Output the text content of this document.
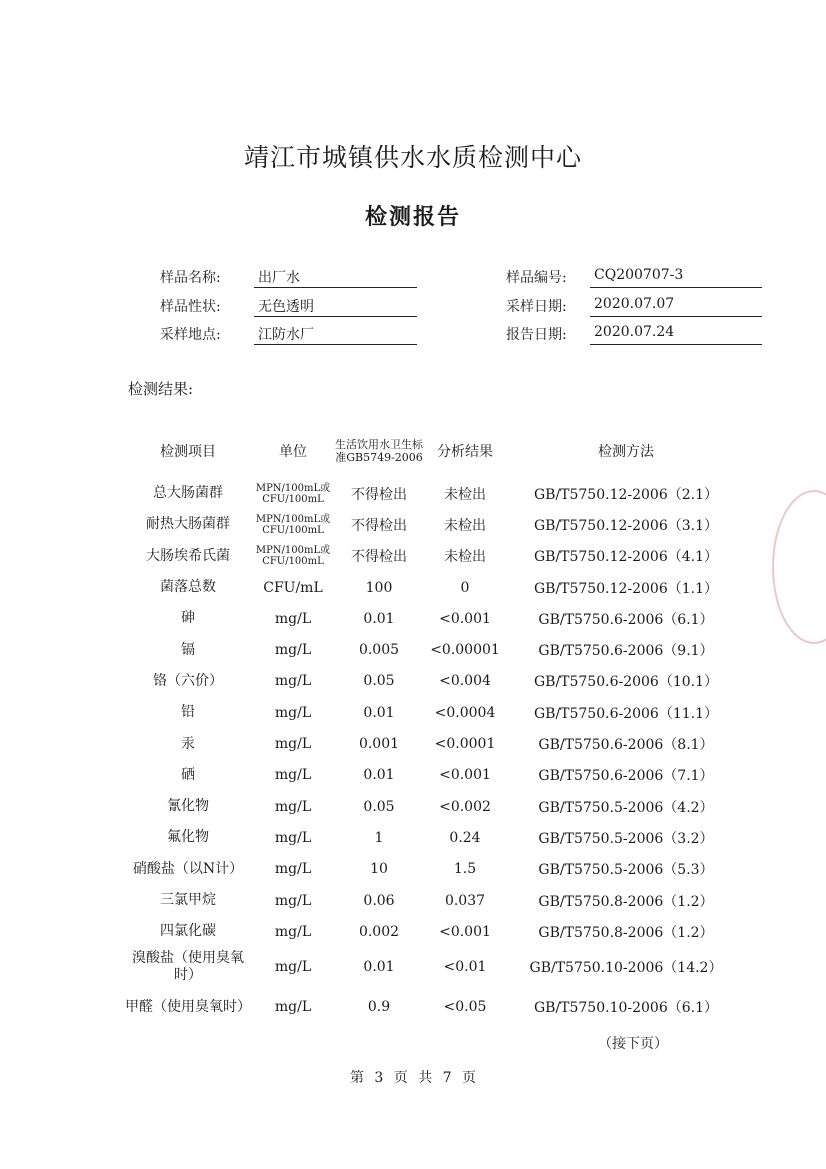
靖江市城镇供水水质检测中心
检测报告
样品名称:	出厂水
样品性状:	无色透明
采样地点:	江防水厂
样品编号:	CQ200707-3
采样日期:	2020.07.07
报告日期:	2020.07.24
检测结果:
检测项目	单位	生活饮用水卫生标准GB5749-2006	分析结果	检测方法
总大肠菌群	MPN/100mL或CFU/100mL	不得检出	未检出	GB/T5750.12-2006（2.1）
耐热大肠菌群	MPN/100mL或CFU/100mL	不得检出	未检出	GB/T5750.12-2006（3.1）
大肠埃希氏菌	MPN/100mL或CFU/100mL	不得检出	未检出	GB/T5750.12-2006（4.1）
菌落总数	CFU/mL	100	0	GB/T5750.12-2006（1.1）
砷	mg/L	0.01	<0.001	GB/T5750.6-2006（6.1）
镉	mg/L	0.005	<0.00001	GB/T5750.6-2006（9.1）
铬（六价）	mg/L	0.05	<0.004	GB/T5750.6-2006（10.1）
铅	mg/L	0.01	<0.0004	GB/T5750.6-2006（11.1）
汞	mg/L	0.001	<0.0001	GB/T5750.6-2006（8.1）
硒	mg/L	0.01	<0.001	GB/T5750.6-2006（7.1）
氰化物	mg/L	0.05	<0.002	GB/T5750.5-2006（4.2）
氟化物	mg/L	1	0.24	GB/T5750.5-2006（3.2）
硝酸盐（以N计）	mg/L	10	1.5	GB/T5750.5-2006（5.3）
三氯甲烷	mg/L	0.06	0.037	GB/T5750.8-2006（1.2）
四氯化碳	mg/L	0.002	<0.001	GB/T5750.8-2006（1.2）
溴酸盐（使用臭氧时）	mg/L	0.01	<0.01	GB/T5750.10-2006（14.2）
甲醛（使用臭氧时）	mg/L	0.9	<0.05	GB/T5750.10-2006（6.1）
（接下页）
第 3 页 共 7 页
